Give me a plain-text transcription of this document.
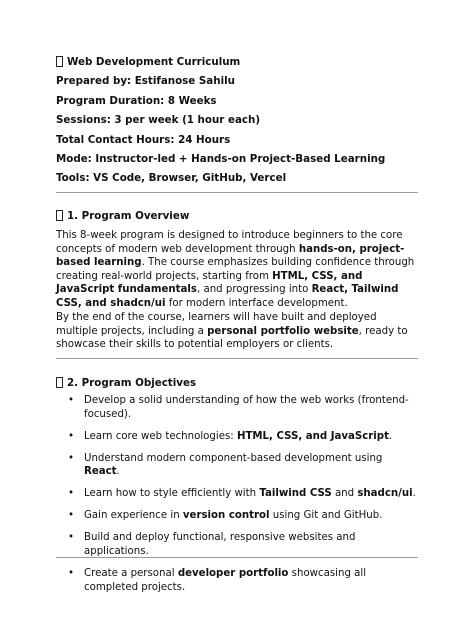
Web Development Curriculum
Prepared by: Estifanose Sahilu
Program Duration: 8 Weeks
Sessions: 3 per week (1 hour each)
Total Contact Hours: 24 Hours
Mode: Instructor-led + Hands-on Project-Based Learning
Tools: VS Code, Browser, GitHub, Vercel
1. Program Overview
This 8-week program is designed to introduce beginners to the core concepts of modern web development through hands-on, project-based learning. The course emphasizes building confidence through creating real-world projects, starting from HTML, CSS, and JavaScript fundamentals, and progressing into React, Tailwind CSS, and shadcn/ui for modern interface development.
By the end of the course, learners will have built and deployed multiple projects, including a personal portfolio website, ready to showcase their skills to potential employers or clients.
2. Program Objectives
• Develop a solid understanding of how the web works (frontend-focused).
• Learn core web technologies: HTML, CSS, and JavaScript.
• Understand modern component-based development using React.
• Learn how to style efficiently with Tailwind CSS and shadcn/ui.
• Gain experience in version control using Git and GitHub.
• Build and deploy functional, responsive websites and applications.
• Create a personal developer portfolio showcasing all completed projects.
